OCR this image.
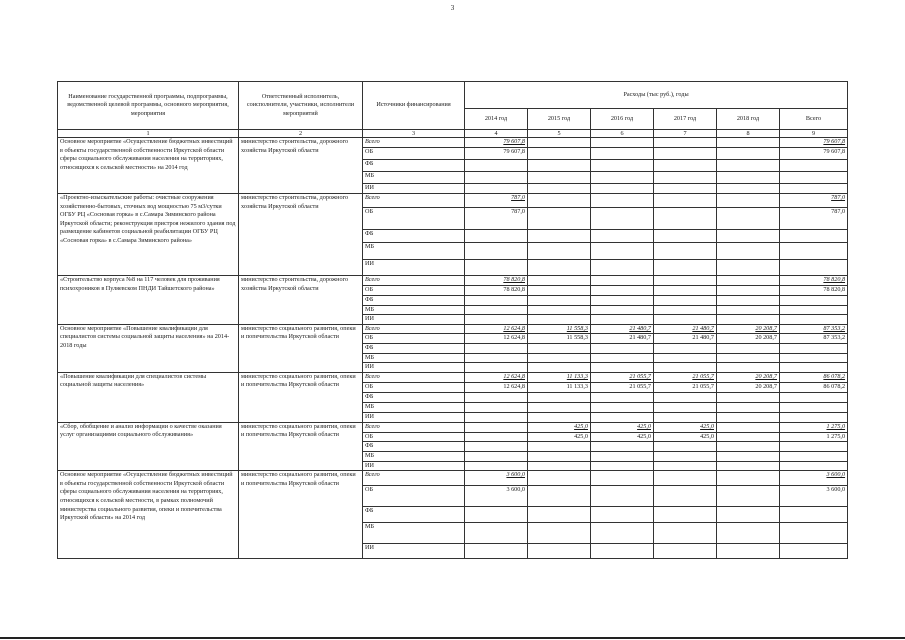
3
Наименование государственной программы, подпрограммы, ведомственной целевой программы, основного мероприятия, мероприятия	Ответственный исполнитель, соисполнители, участники, исполнители мероприятий	Источники финансирования	Расходы (тыс руб.), годы					
			2014 год	2015 год	2016 год	2017 год	2018 год	Всего
1	2	3	4	5	6	7	8	9
Основное мероприятие «Осуществление бюджетных инвестиций в объекты государственной собственности Иркутской области сферы социального обслуживания населения на территориях, относящихся к сельской местности» на 2014 год	министерство строительства, дорожного хозяйства Иркутской области	Всего	79 607,8					79 607,8
		ОБ	79 607,8					79 607,8
		ФБ						
		МБ						
		ИИ						
«Проектно-изыскательские работы: очистные сооружения хозяйственно-бытовых, сточных вод мощностью 75 м3/сутки ОГБУ РЦ «Сосновая горка» в с.Самара Зиминского района Иркутской области; реконструкция пристроя нежилого здания под размещение кабинетов социальной реабилитации ОГБУ РЦ «Сосновая горка» в с.Самара Зиминского района»	министерство строительства, дорожного хозяйства Иркутской области	Всего	787,0					787,0
		ОБ	787,0					787,0
		ФБ						
		МБ						
		ИИ						
«Строительство корпуса №8 на 117 человек для проживания психохроников в Пуляевском ПНДИ Тайшетского района»	министерство строительства, дорожного хозяйства Иркутской области	Всего	78 820,8					78 820,8
		ОБ	78 820,8					78 820,8
		ФБ						
		МБ						
		ИИ						
Основное мероприятие «Повышение квалификации для специалистов системы социальной защиты населения» на 2014-2018 годы	министерство социального развития, опеки и попечительства Иркутской области	Всего	12 624,8	11 558,3	21 480,7	21 480,7	20 208,7	87 353,2
		ОБ	12 624,8	11 558,3	21 480,7	21 480,7	20 208,7	87 353,2
		ФБ						
		МБ						
		ИИ						
«Повышение квалификации для специалистов системы социальной защиты населения»	министерство социального развития, опеки и попечительства Иркутской области	Всего	12 624,8	11 133,3	21 055,7	21 055,7	20 208,7	86 078,2
		ОБ	12 624,8	11 133,3	21 055,7	21 055,7	20 208,7	86 078,2
		ФБ						
		МБ						
		ИИ						
«Сбор, обобщение и анализ информации о качестве оказания услуг организациями социального обслуживания»	министерство социального развития, опеки и попечительства Иркутской области	Всего		425,0	425,0	425,0		1 275,0
		ОБ		425,0	425,0	425,0		1 275,0
		ФБ						
		МБ						
		ИИ						
Основное мероприятие «Осуществление бюджетных инвестиций в объекты государственной собственности Иркутской области сферы социального обслуживания населения на территориях, относящихся к сельской местности, в рамках полномочий министерства социального развития, опеки и попечительства Иркутской области» на 2014 год	министерство социального развития, опеки и попечительства Иркутской области	Всего	3 600,0					3 600,0
		ОБ	3 600,0					3 600,0
		ФБ						
		МБ						
		ИИ						
